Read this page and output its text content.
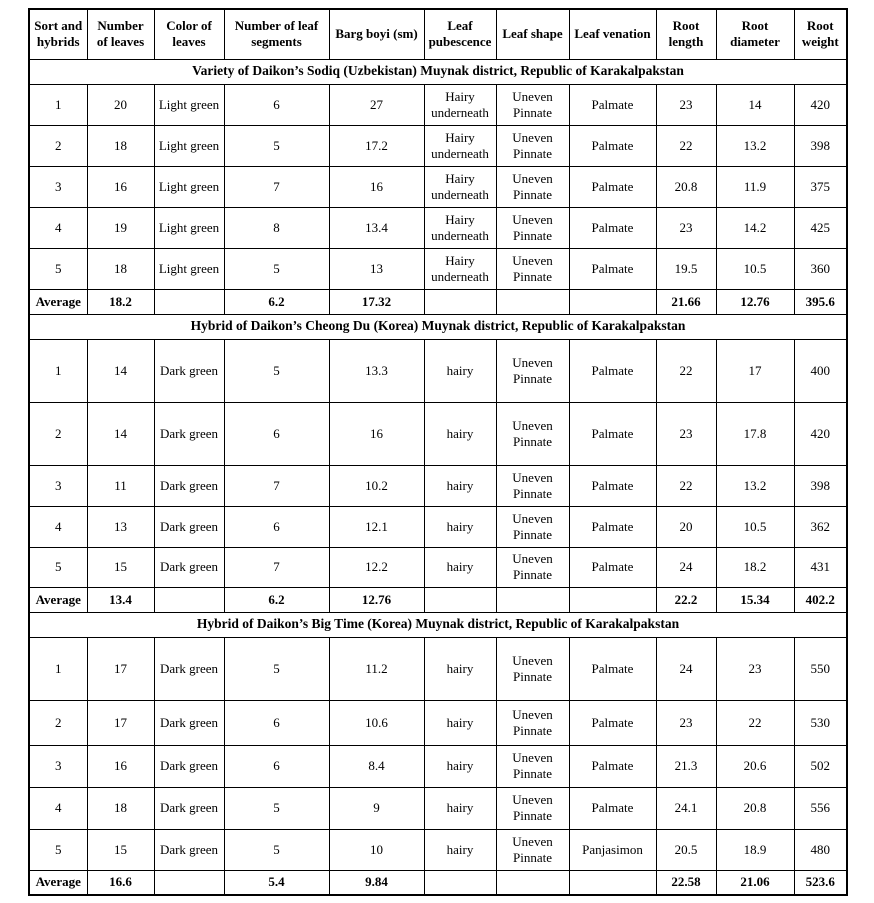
Sort and hybrids	Number of leaves	Color of leaves	Number of leaf segments	Barg boyi (sm)	Leaf pubescence	Leaf shape	Leaf venation	Root length	Root diameter	Root weight
Variety of Daikon’s Sodiq (Uzbekistan) Muynak district, Republic of Karakalpakstan										
1	20	Light green	6	27	Hairy underneath	Uneven Pinnate	Palmate	23	14	420
2	18	Light green	5	17.2	Hairy underneath	Uneven Pinnate	Palmate	22	13.2	398
3	16	Light green	7	16	Hairy underneath	Uneven Pinnate	Palmate	20.8	11.9	375
4	19	Light green	8	13.4	Hairy underneath	Uneven Pinnate	Palmate	23	14.2	425
5	18	Light green	5	13	Hairy underneath	Uneven Pinnate	Palmate	19.5	10.5	360
Average	18.2		6.2	17.32				21.66	12.76	395.6
Hybrid of Daikon’s Cheong Du (Korea) Muynak district, Republic of Karakalpakstan										
1	14	Dark green	5	13.3	hairy	Uneven Pinnate	Palmate	22	17	400
2	14	Dark green	6	16	hairy	Uneven Pinnate	Palmate	23	17.8	420
3	11	Dark green	7	10.2	hairy	Uneven Pinnate	Palmate	22	13.2	398
4	13	Dark green	6	12.1	hairy	Uneven Pinnate	Palmate	20	10.5	362
5	15	Dark green	7	12.2	hairy	Uneven Pinnate	Palmate	24	18.2	431
Average	13.4		6.2	12.76				22.2	15.34	402.2
Hybrid of Daikon’s Big Time (Korea) Muynak district, Republic of Karakalpakstan										
1	17	Dark green	5	11.2	hairy	Uneven Pinnate	Palmate	24	23	550
2	17	Dark green	6	10.6	hairy	Uneven Pinnate	Palmate	23	22	530
3	16	Dark green	6	8.4	hairy	Uneven Pinnate	Palmate	21.3	20.6	502
4	18	Dark green	5	9	hairy	Uneven Pinnate	Palmate	24.1	20.8	556
5	15	Dark green	5	10	hairy	Uneven Pinnate	Panjasimon	20.5	18.9	480
Average	16.6		5.4	9.84				22.58	21.06	523.6
